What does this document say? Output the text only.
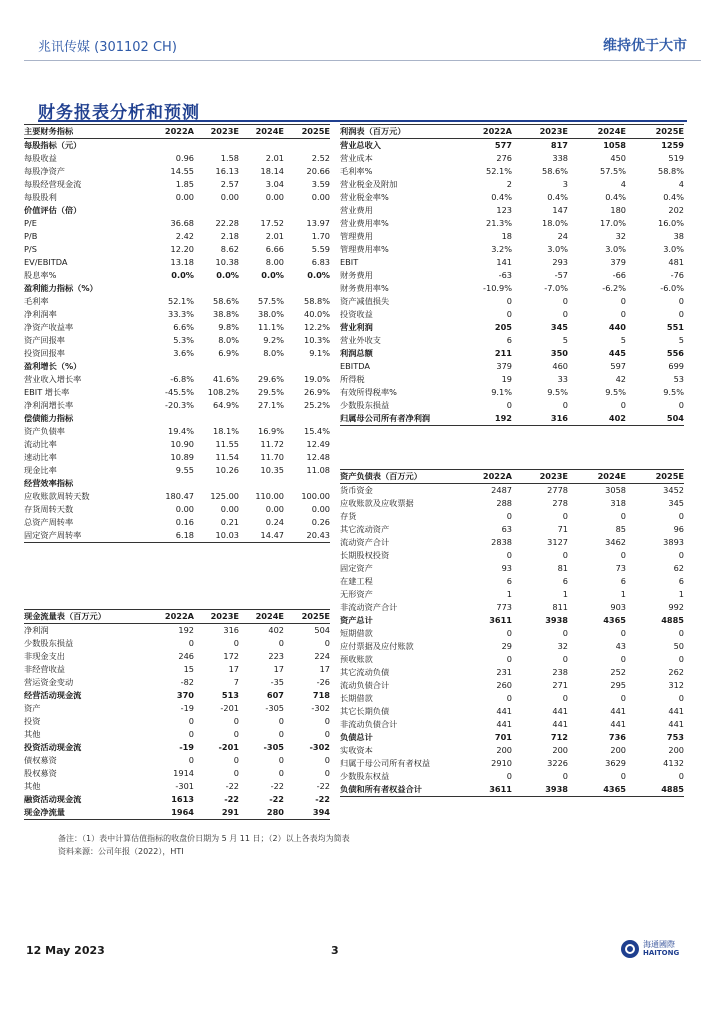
兆讯传媒 (301102 CH)	维持优于大市
财务报表分析和预测
主要财务指标	2022A	2023E	2024E	2025E
每股指标（元）				
每股收益	0.96	1.58	2.01	2.52
每股净资产	14.55	16.13	18.14	20.66
每股经营现金流	1.85	2.57	3.04	3.59
每股股利	0.00	0.00	0.00	0.00
价值评估（倍）				
P/E	36.68	22.28	17.52	13.97
P/B	2.42	2.18	2.01	1.70
P/S	12.20	8.62	6.66	5.59
EV/EBITDA	13.18	10.38	8.00	6.83
股息率%	0.0%	0.0%	0.0%	0.0%
盈利能力指标（%）				
毛利率	52.1%	58.6%	57.5%	58.8%
净利润率	33.3%	38.8%	38.0%	40.0%
净资产收益率	6.6%	9.8%	11.1%	12.2%
资产回报率	5.3%	8.0%	9.2%	10.3%
投资回报率	3.6%	6.9%	8.0%	9.1%
盈利增长（%）				
营业收入增长率	-6.8%	41.6%	29.6%	19.0%
EBIT 增长率	-45.5%	108.2%	29.5%	26.9%
净利润增长率	-20.3%	64.9%	27.1%	25.2%
偿债能力指标				
资产负债率	19.4%	18.1%	16.9%	15.4%
流动比率	10.90	11.55	11.72	12.49
速动比率	10.89	11.54	11.70	12.48
现金比率	9.55	10.26	10.35	11.08
经营效率指标				
应收账款周转天数	180.47	125.00	110.00	100.00
存货周转天数	0.00	0.00	0.00	0.00
总资产周转率	0.16	0.21	0.24	0.26
固定资产周转率	6.18	10.03	14.47	20.43
利润表（百万元）	2022A	2023E	2024E	2025E
营业总收入	577	817	1058	1259
营业成本	276	338	450	519
毛利率%	52.1%	58.6%	57.5%	58.8%
营业税金及附加	2	3	4	4
营业税金率%	0.4%	0.4%	0.4%	0.4%
营业费用	123	147	180	202
营业费用率%	21.3%	18.0%	17.0%	16.0%
管理费用	18	24	32	38
管理费用率%	3.2%	3.0%	3.0%	3.0%
EBIT	141	293	379	481
财务费用	-63	-57	-66	-76
财务费用率%	-10.9%	-7.0%	-6.2%	-6.0%
资产减值损失	0	0	0	0
投资收益	0	0	0	0
营业利润	205	345	440	551
营业外收支	6	5	5	5
利润总额	211	350	445	556
EBITDA	379	460	597	699
所得税	19	33	42	53
有效所得税率%	9.1%	9.5%	9.5%	9.5%
少数股东损益	0	0	0	0
归属母公司所有者净利润	192	316	402	504
资产负债表（百万元）	2022A	2023E	2024E	2025E
货币资金	2487	2778	3058	3452
应收账款及应收票据	288	278	318	345
存货	0	0	0	0
其它流动资产	63	71	85	96
流动资产合计	2838	3127	3462	3893
长期股权投资	0	0	0	0
固定资产	93	81	73	62
在建工程	6	6	6	6
无形资产	1	1	1	1
非流动资产合计	773	811	903	992
资产总计	3611	3938	4365	4885
短期借款	0	0	0	0
应付票据及应付账款	29	32	43	50
预收账款	0	0	0	0
其它流动负债	231	238	252	262
流动负债合计	260	271	295	312
长期借款	0	0	0	0
其它长期负债	441	441	441	441
非流动负债合计	441	441	441	441
负债总计	701	712	736	753
实收资本	200	200	200	200
归属于母公司所有者权益	2910	3226	3629	4132
少数股东权益	0	0	0	0
负债和所有者权益合计	3611	3938	4365	4885
现金流量表（百万元）	2022A	2023E	2024E	2025E
净利润	192	316	402	504
少数股东损益	0	0	0	0
非现金支出	246	172	223	224
非经营收益	15	17	17	17
营运资金变动	-82	7	-35	-26
经营活动现金流	370	513	607	718
资产	-19	-201	-305	-302
投资	0	0	0	0
其他	0	0	0	0
投资活动现金流	-19	-201	-305	-302
债权募资	0	0	0	0
股权募资	1914	0	0	0
其他	-301	-22	-22	-22
融资活动现金流	1613	-22	-22	-22
现金净流量	1964	291	280	394
备注：（1）表中计算估值指标的收盘价日期为 5 月 11 日；（2）以上各表均为简表
资料来源：公司年报（2022），HTI
12 May 2023	3	海通國際
HAITONG
